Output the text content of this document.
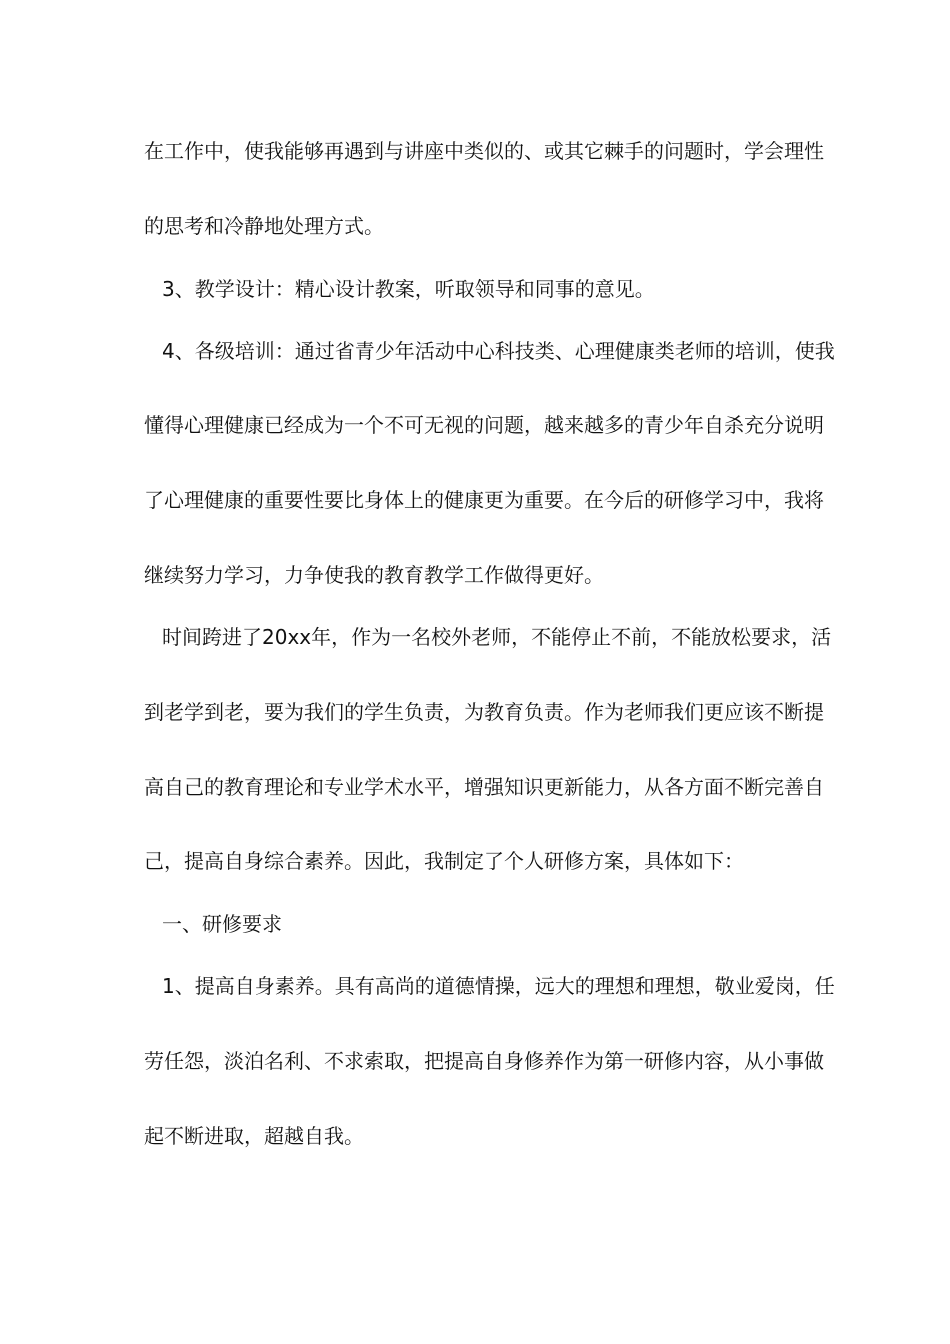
在工作中，使我能够再遇到与讲座中类似的、或其它棘手的问题时，学会理性
的思考和冷静地处理方式。
3、教学设计：精心设计教案，听取领导和同事的意见。
4、各级培训：通过省青少年活动中心科技类、心理健康类老师的培训，使我
懂得心理健康已经成为一个不可无视的问题，越来越多的青少年自杀充分说明
了心理健康的重要性要比身体上的健康更为重要。在今后的研修学习中，我将
继续努力学习，力争使我的教育教学工作做得更好。
时间跨进了20xx年，作为一名校外老师，不能停止不前，不能放松要求，活
到老学到老，要为我们的学生负责，为教育负责。作为老师我们更应该不断提
高自己的教育理论和专业学术水平，增强知识更新能力，从各方面不断完善自
己，提高自身综合素养。因此，我制定了个人研修方案，具体如下：
一、研修要求
1、提高自身素养。具有高尚的道德情操，远大的理想和理想，敬业爱岗，任
劳任怨，淡泊名利、不求索取，把提高自身修养作为第一研修内容，从小事做
起不断进取，超越自我。
